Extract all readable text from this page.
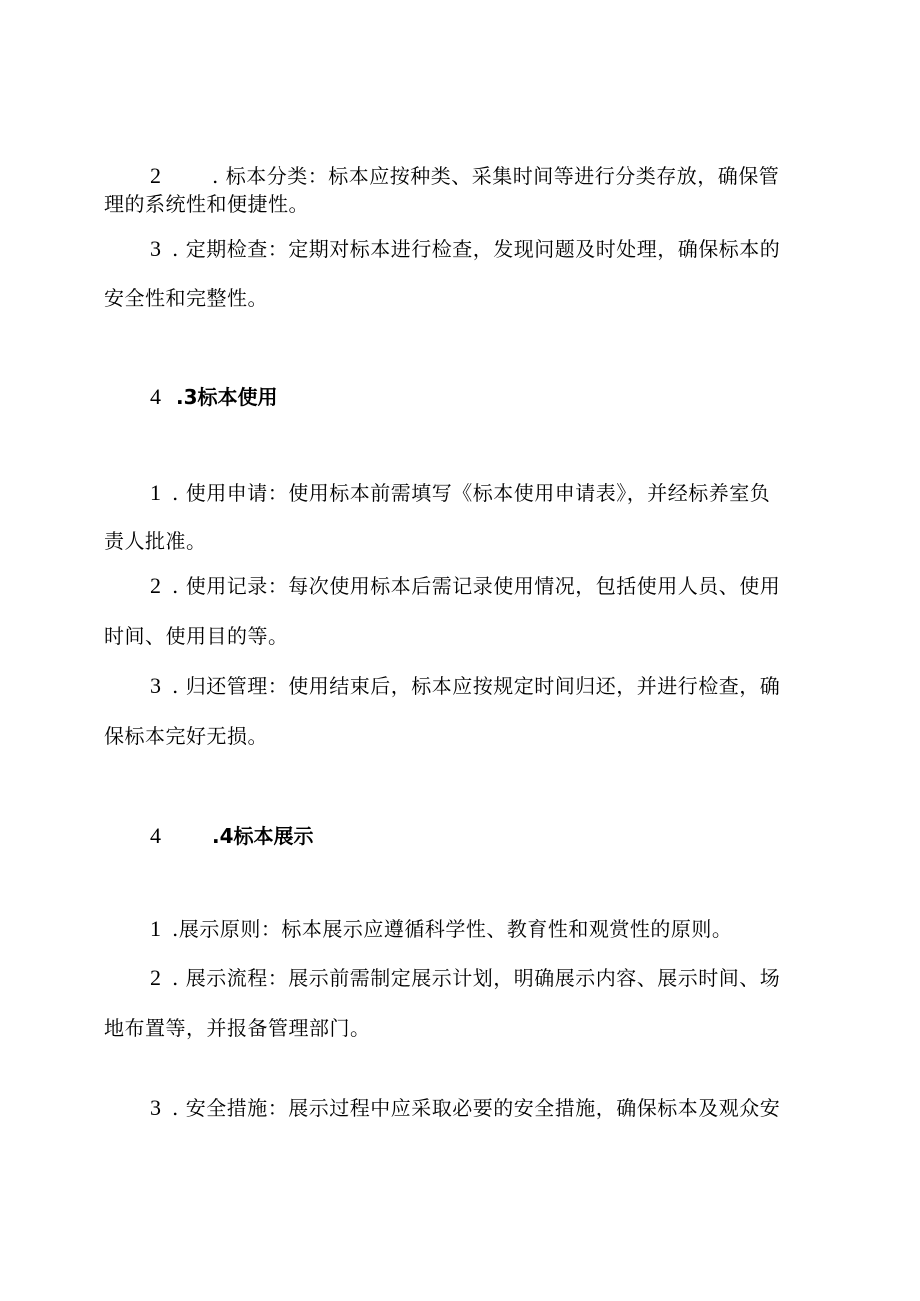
2	. 标本分类：标本应按种类、采集时间等进行分类存放，确保管
理的系统性和便捷性。
3 . 定期检查：定期对标本进行检查，发现问题及时处理，确保标本的
安全性和完整性。
4 .3标本使用
1 . 使用申请：使用标本前需填写《标本使用申请表》，并经标养室负
责人批准。
2 . 使用记录：每次使用标本后需记录使用情况，包括使用人员、使用
时间、使用目的等。
3 . 归还管理：使用结束后，标本应按规定时间归还，并进行检查，确
保标本完好无损。
4	.4标本展示
1 .展示原则：标本展示应遵循科学性、教育性和观赏性的原则。
2 . 展示流程：展示前需制定展示计划，明确展示内容、展示时间、场
地布置等，并报备管理部门。
3 . 安全措施：展示过程中应采取必要的安全措施，确保标本及观众安
